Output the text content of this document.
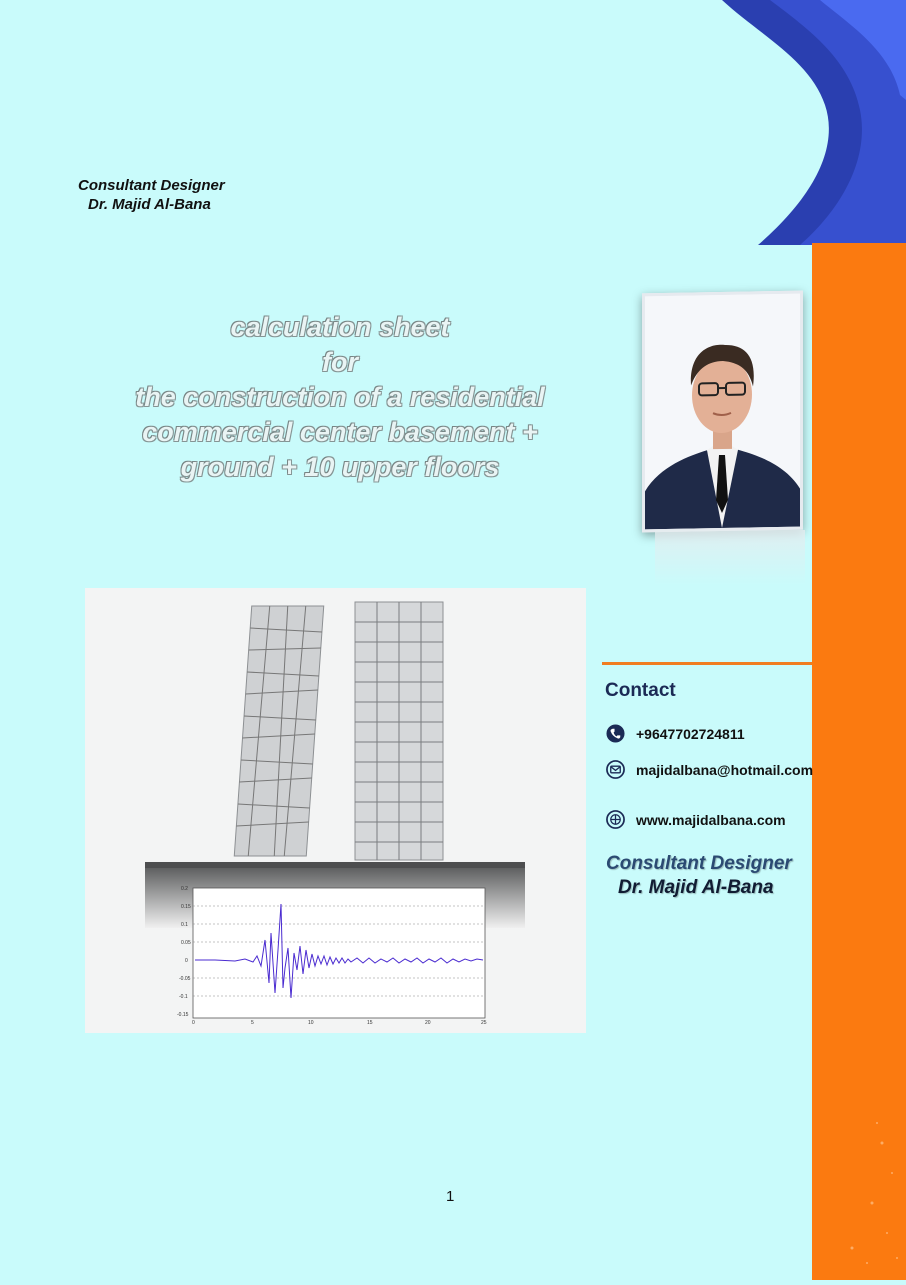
Consultant Designer
Dr. Majid Al-Bana
calculation sheet
for
the construction of a residential
commercial center basement +
ground + 10 upper floors
0.2
0.15
0.1
0.05
0
-0.05
-0.1
-0.15
0	5	10	15	20	25
Contact
+9647702724811
majidalbana@hotmail.com
www.majidalbana.com
Consultant Designer
Dr. Majid Al-Bana
1
